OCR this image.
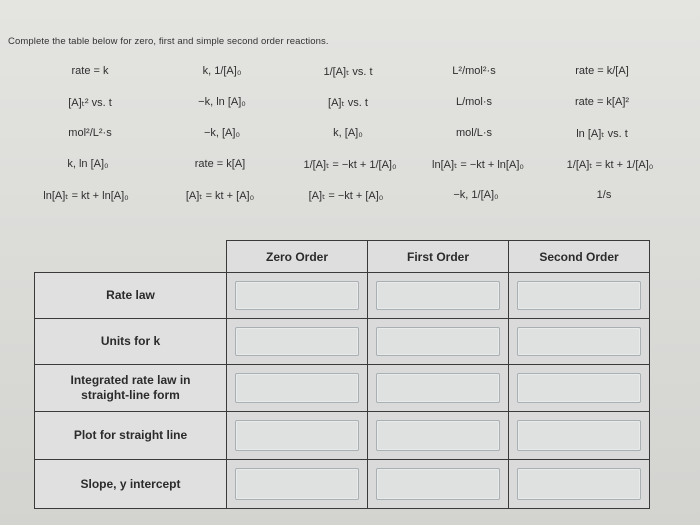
Complete the table below for zero, first and simple second order reactions.
rate = k	k, 1/[A]₀	1/[A]ₜ vs. t	L²/mol²·s	rate = k/[A]
[A]ₜ² vs. t	−k, ln [A]₀	[A]ₜ vs. t	L/mol·s	rate = k[A]²
mol²/L²·s	−k, [A]₀	k, [A]₀	mol/L·s	ln [A]ₜ vs. t
k, ln [A]₀	rate = k[A]	1/[A]ₜ = −kt + 1/[A]₀	ln[A]ₜ = −kt + ln[A]₀	1/[A]ₜ = kt + 1/[A]₀
ln[A]ₜ = kt + ln[A]₀	[A]ₜ = kt + [A]₀	[A]ₜ = −kt + [A]₀	−k, 1/[A]₀	1/s
Zero Order	First Order	Second Order
Rate law
Units for k
Integrated rate law in straight-line form
Plot for straight line
Slope, y intercept
